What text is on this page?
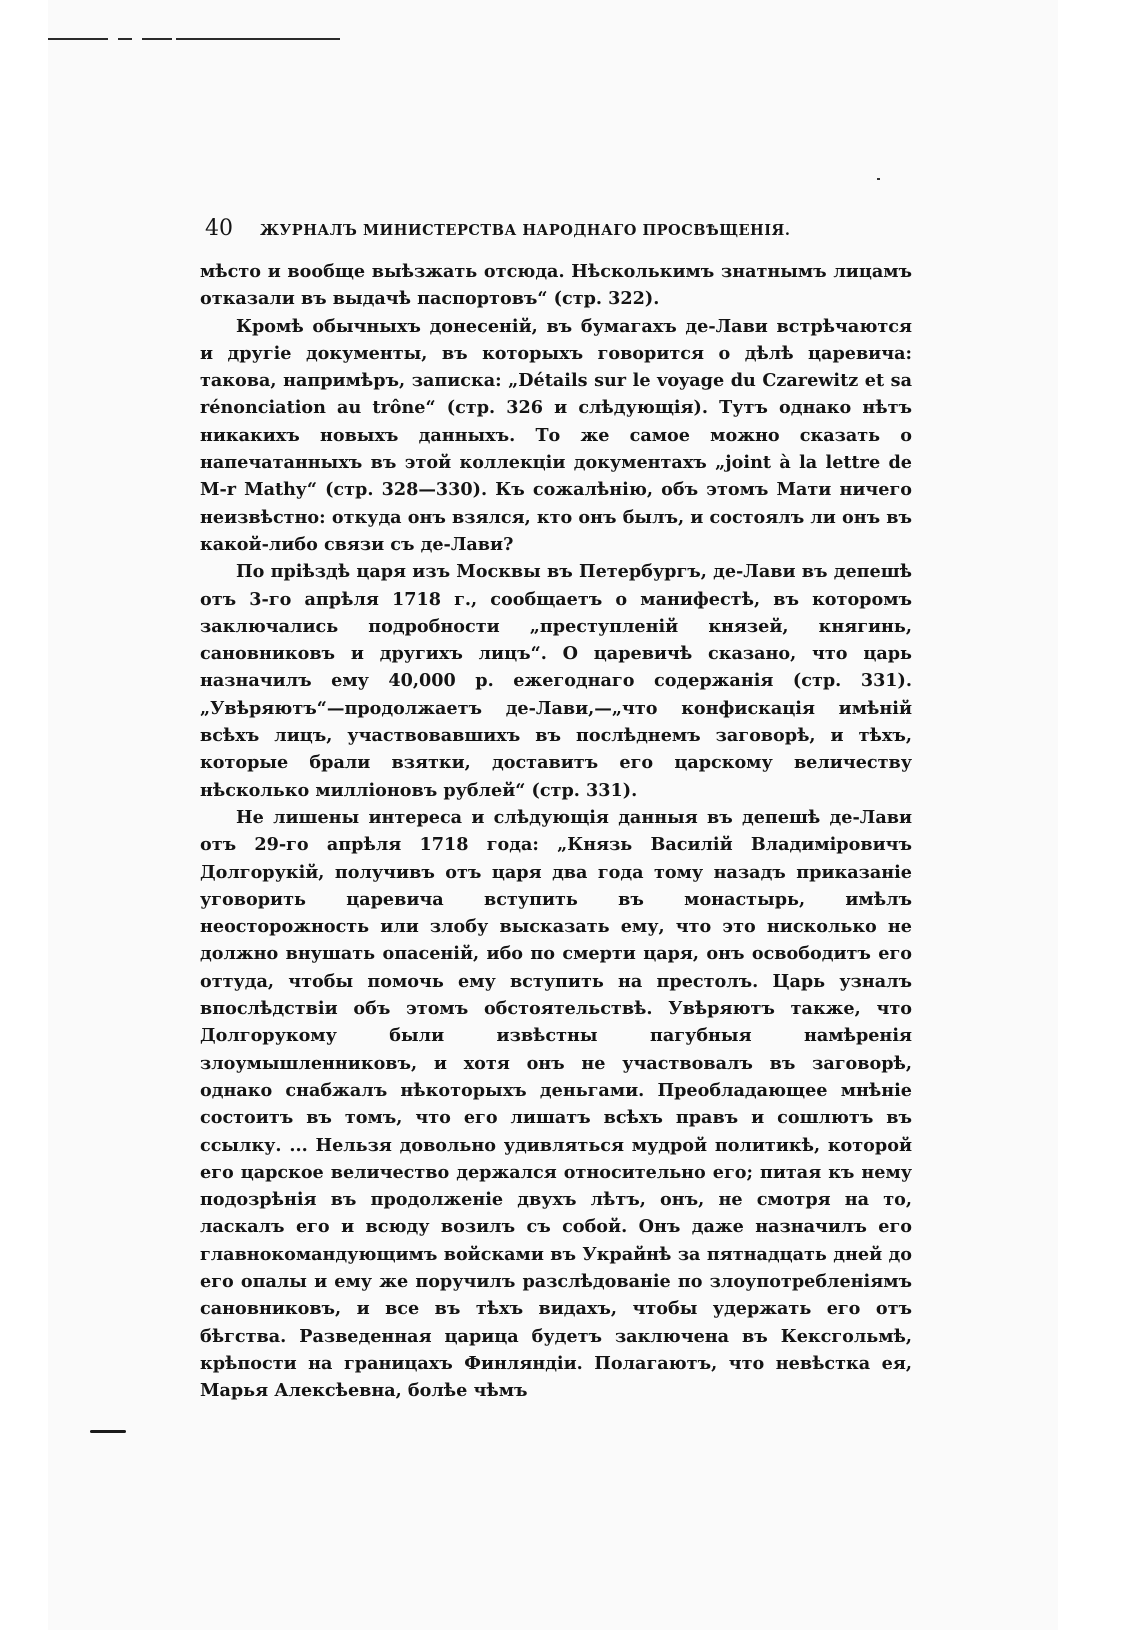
40 ЖУРНАЛЪ МИНИСТЕРСТВА НАРОДНАГО ПРОСВѢЩЕНІЯ.

мѣсто и вообще выѣзжать отсюда. Нѣсколькимъ знатнымъ лицамъ отказали въ выдачѣ паспортовъ“ (стр. 322).

Кромѣ обычныхъ донесеній, въ бумагахъ де-Лави встрѣчаются и другіе документы, въ которыхъ говорится о дѣлѣ царевича: такова, напримѣръ, записка: „Détails sur le voyage du Czarewitz et sa rénonciation au trône“ (стр. 326 и слѣдующія). Тутъ однако нѣтъ никакихъ новыхъ данныхъ. То же самое можно сказать о напечатанныхъ въ этой коллекціи документахъ „joint à la lettre de M-r Mathy“ (стр. 328—330). Къ сожалѣнію, объ этомъ Мати ничего неизвѣстно: откуда онъ взялся, кто онъ былъ, и состоялъ ли онъ въ какой-либо связи съ де-Лави?

По пріѣздѣ царя изъ Москвы въ Петербургъ, де-Лави въ депешѣ отъ 3-го апрѣля 1718 г., сообщаетъ о манифестѣ, въ которомъ заключались подробности „преступленій князей, княгинь, сановниковъ и другихъ лицъ“. О царевичѣ сказано, что царь назначилъ ему 40,000 р. ежегоднаго содержанія (стр. 331). „Увѣряютъ“—продолжаетъ де-Лави,—„что конфискація имѣній всѣхъ лицъ, участвовавшихъ въ послѣднемъ заговорѣ, и тѣхъ, которые брали взятки, доставитъ его царскому величеству нѣсколько милліоновъ рублей“ (стр. 331).

Не лишены интереса и слѣдующія данныя въ депешѣ де-Лави отъ 29-го апрѣля 1718 года: „Князь Василій Владиміровичъ Долгорукій, получивъ отъ царя два года тому назадъ приказаніе уговорить царевича вступить въ монастырь, имѣлъ неосторожность или злобу высказать ему, что это нисколько не должно внушать опасеній, ибо по смерти царя, онъ освободитъ его оттуда, чтобы помочь ему вступить на престолъ. Царь узналъ впослѣдствіи объ этомъ обстоятельствѣ. Увѣряютъ также, что Долгорукому были извѣстны пагубныя намѣренія злоумышленниковъ, и хотя онъ не участвовалъ въ заговорѣ, однако снабжалъ нѣкоторыхъ деньгами. Преобладающее мнѣніе состоитъ въ томъ, что его лишатъ всѣхъ правъ и сошлютъ въ ссылку. ... Нельзя довольно удивляться мудрой политикѣ, которой его царское величество держался относительно его; питая къ нему подозрѣнія въ продолженіе двухъ лѣтъ, онъ, не смотря на то, ласкалъ его и всюду возилъ съ собой. Онъ даже назначилъ его главнокомандующимъ войсками въ Украйнѣ за пятнадцать дней до его опалы и ему же поручилъ разслѣдованіе по злоупотребленіямъ сановниковъ, и все въ тѣхъ видахъ, чтобы удержать его отъ бѣгства. Разведенная царица будетъ заключена въ Кексгольмѣ, крѣпости на границахъ Финляндіи. Полагаютъ, что невѣстка ея, Марья Алексѣевна, болѣе чѣмъ
